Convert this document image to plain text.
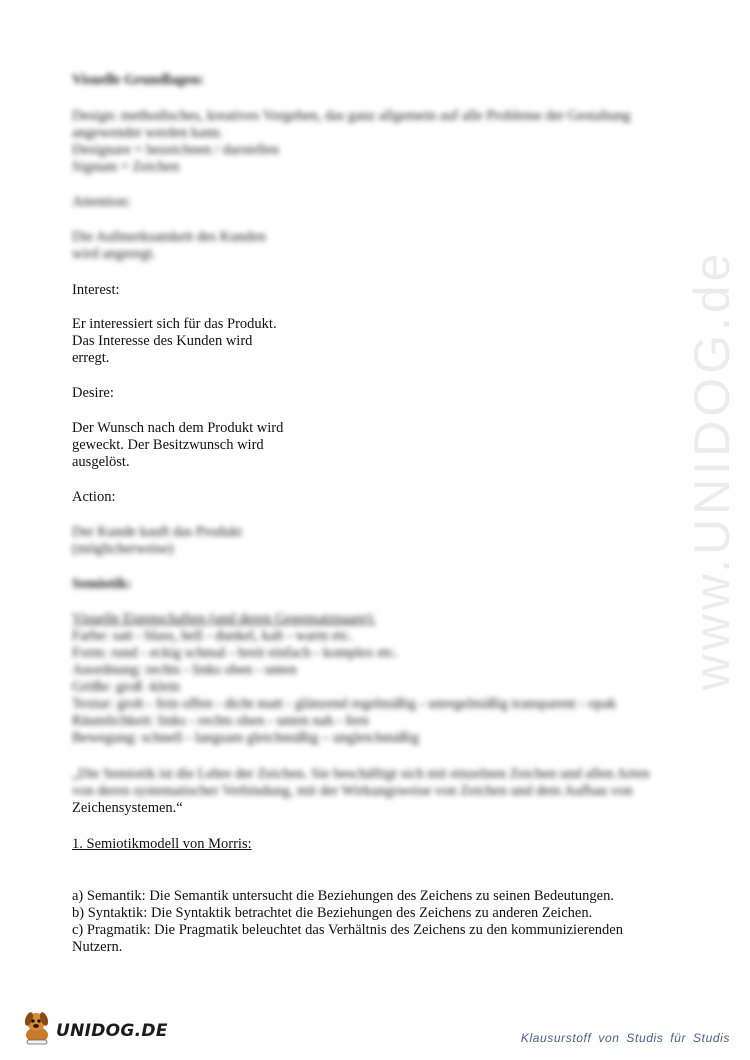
www.UNIDOG.de
Visuelle Grundlagen:
Design: methodisches, kreatives Vorgehen, das ganz allgemein auf alle Probleme der Gestaltung
angewendet werden kann.
Designare = bezeichnen / darstellen
Signum = Zeichen
Attention:
Die Aufmerksamkeit des Kunden
wird angeregt.
Interest:
Er interessiert sich für das Produkt.
Das Interesse des Kunden wird
erregt.
Desire:
Der Wunsch nach dem Produkt wird
geweckt. Der Besitzwunsch wird
ausgelöst.
Action:
Der Kunde kauft das Produkt
(möglicherweise)
Semiotik:
Visuelle Eigenschaften (und deren Gegensatzpaare):
Farbe: satt - blass, hell - dunkel, kalt - warm etc.
Form: rund - eckig schmal - breit einfach - komplex etc.
Anordnung: rechts - links oben - unten
Größe: groß -klein
Textur: grob - fein offen - dicht matt - glänzend regelmäßig - unregelmäßig transparent - opak
Räumlichkeit: links - rechts oben - unten nah - fern
Bewegung: schnell - langsam gleichmäßig – ungleichmäßig
„Die Semiotik ist die Lehre der Zeichen. Sie beschäftigt sich mit einzelnen Zeichen und allen Arten
von deren systematischer Verbindung, mit der Wirkungsweise von Zeichen und dem Aufbau von
Zeichensystemen.“
1. Semiotikmodell von Morris:
a) Semantik: Die Semantik untersucht die Beziehungen des Zeichens zu seinen Bedeutungen.
b) Syntaktik: Die Syntaktik betrachtet die Beziehungen des Zeichens zu anderen Zeichen.
c) Pragmatik: Die Pragmatik beleuchtet das Verhältnis des Zeichens zu den kommunizierenden
Nutzern.
UNIDOG.DE	Klausurstoff von Studis für Studis
